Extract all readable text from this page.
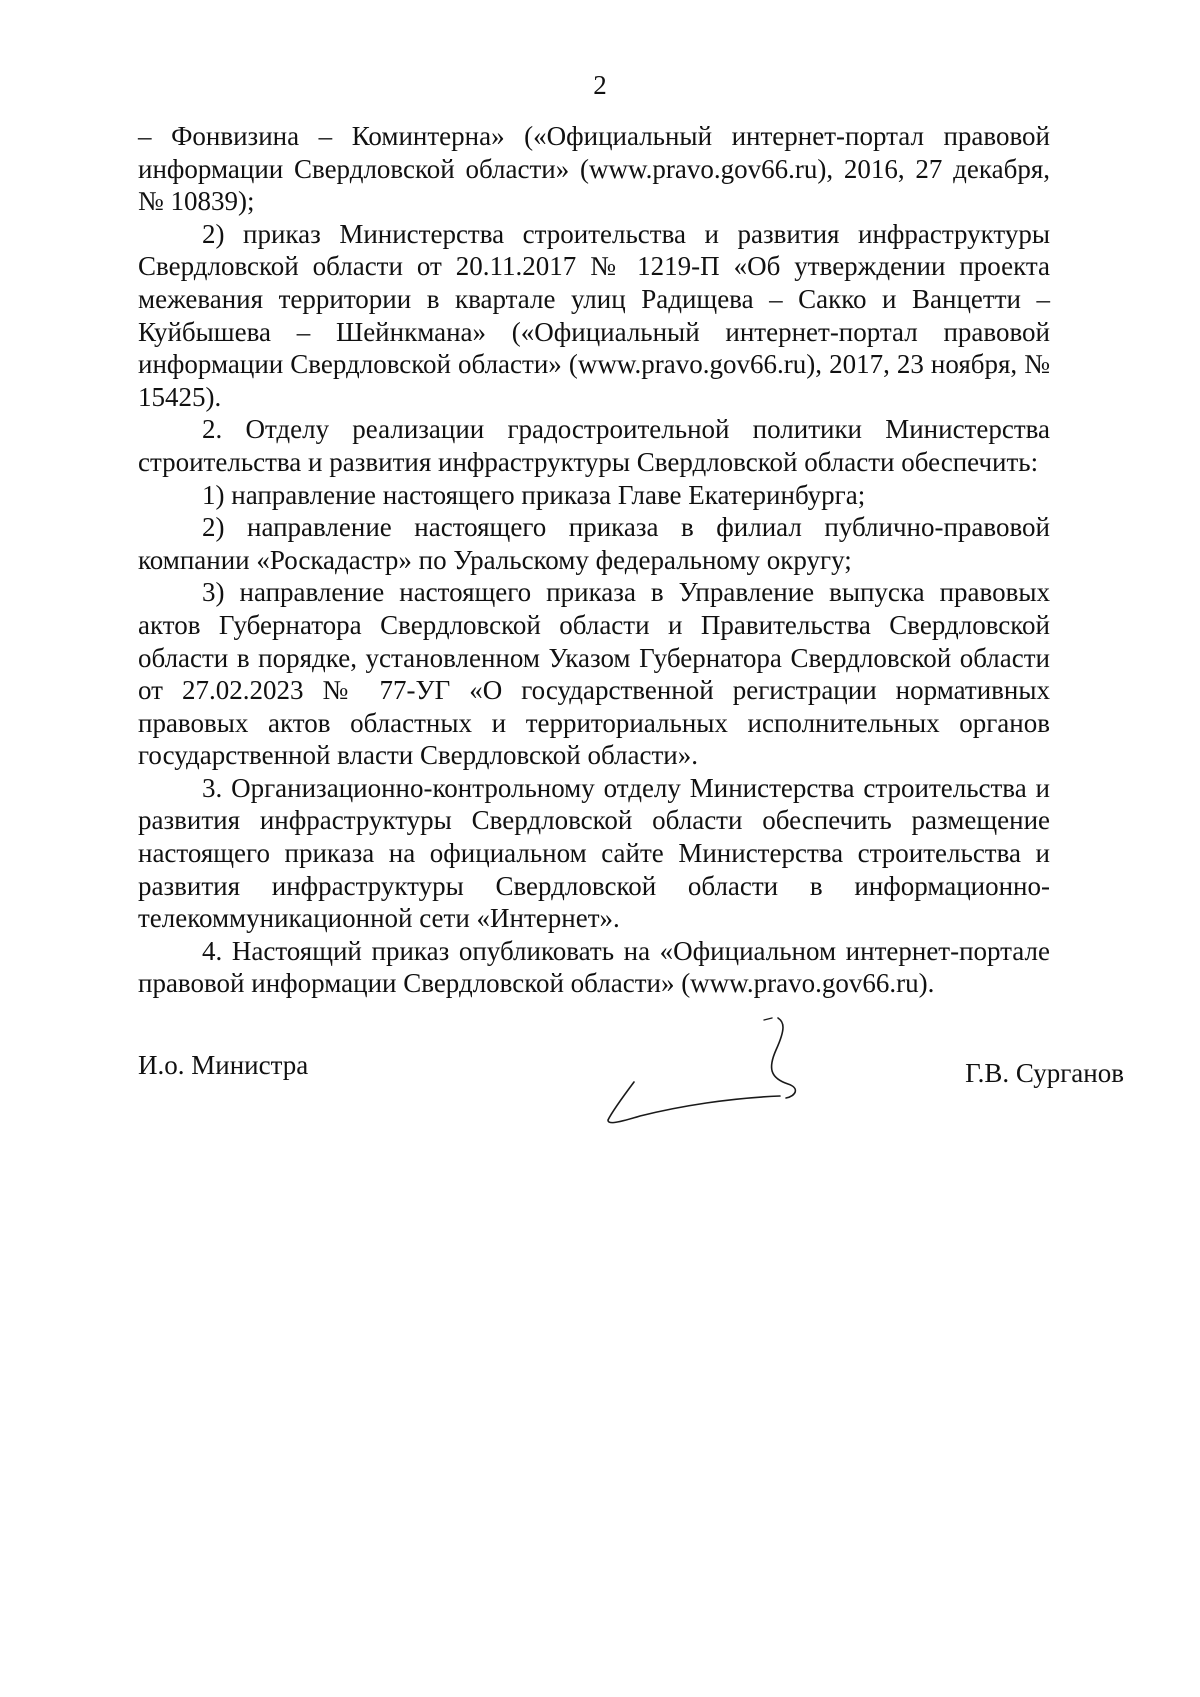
2

– Фонвизина – Коминтерна» («Официальный интернет-портал правовой информации Свердловской области» (www.pravo.gov66.ru), 2016, 27 декабря, № 10839);

2) приказ Министерства строительства и развития инфраструктуры Свердловской области от 20.11.2017 № 1219-П «Об утверждении проекта межевания территории в квартале улиц Радищева – Сакко и Ванцетти – Куйбышева – Шейнкмана» («Официальный интернет-портал правовой информации Свердловской области» (www.pravo.gov66.ru), 2017, 23 ноября, № 15425).

2. Отделу реализации градостроительной политики Министерства строительства и развития инфраструктуры Свердловской области обеспечить:

1) направление настоящего приказа Главе Екатеринбурга;

2) направление настоящего приказа в филиал публично-правовой компании «Роскадастр» по Уральскому федеральному округу;

3) направление настоящего приказа в Управление выпуска правовых актов Губернатора Свердловской области и Правительства Свердловской области в порядке, установленном Указом Губернатора Свердловской области от 27.02.2023 № 77-УГ «О государственной регистрации нормативных правовых актов областных и территориальных исполнительных органов государственной власти Свердловской области».

3. Организационно-контрольному отделу Министерства строительства и развития инфраструктуры Свердловской области обеспечить размещение настоящего приказа на официальном сайте Министерства строительства и развития инфраструктуры Свердловской области в информационно-телекоммуникационной сети «Интернет».

4. Настоящий приказ опубликовать на «Официальном интернет-портале правовой информации Свердловской области» (www.pravo.gov66.ru).

И.о. Министра	Г.В. Сурганов
